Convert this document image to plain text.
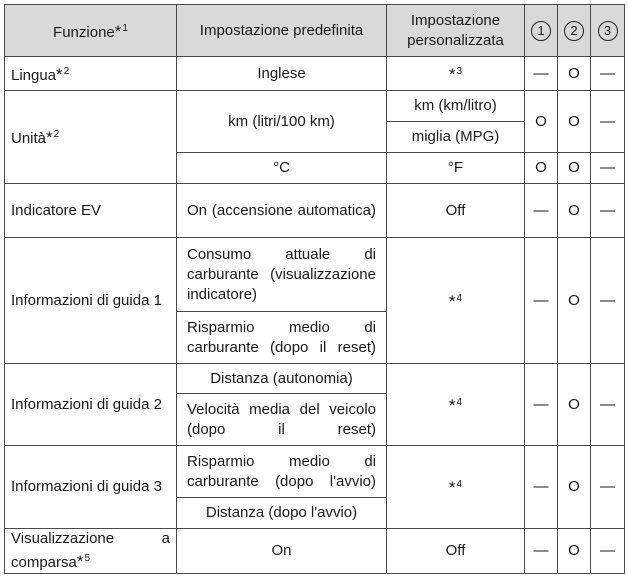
Funzione*$^1$	Impostazione predefinita	Impostazione personalizzata	1	2	3
Lingua*$^2$	Inglese	*$^3$	—	O	—
Unità*$^2$	km (litri/100 km)	km (km/litro)	O	O	—
		miglia (MPG)			
	°C	°F	O	O	—
Indicatore EV	On (accensione automatica)	Off	—	O	—
Informazioni di guida 1	Consumo attuale di carburante (visualizzazione indicatore)	*$^4$	—	O	—

	Risparmio medio di carburante (dopo il reset)				

Informazioni di guida 2	Distanza (autonomia)	*$^4$	—	O	—

	Velocità media del veicolo (dopo il reset)				

Informazioni di guida 3	Risparmio medio di carburante (dopo l'avvio)	*$^4$	—	O	—
	Distanza (dopo l'avvio)				

Visualizzazione a
comparsa*$^5$	On	Off	—	O	—
